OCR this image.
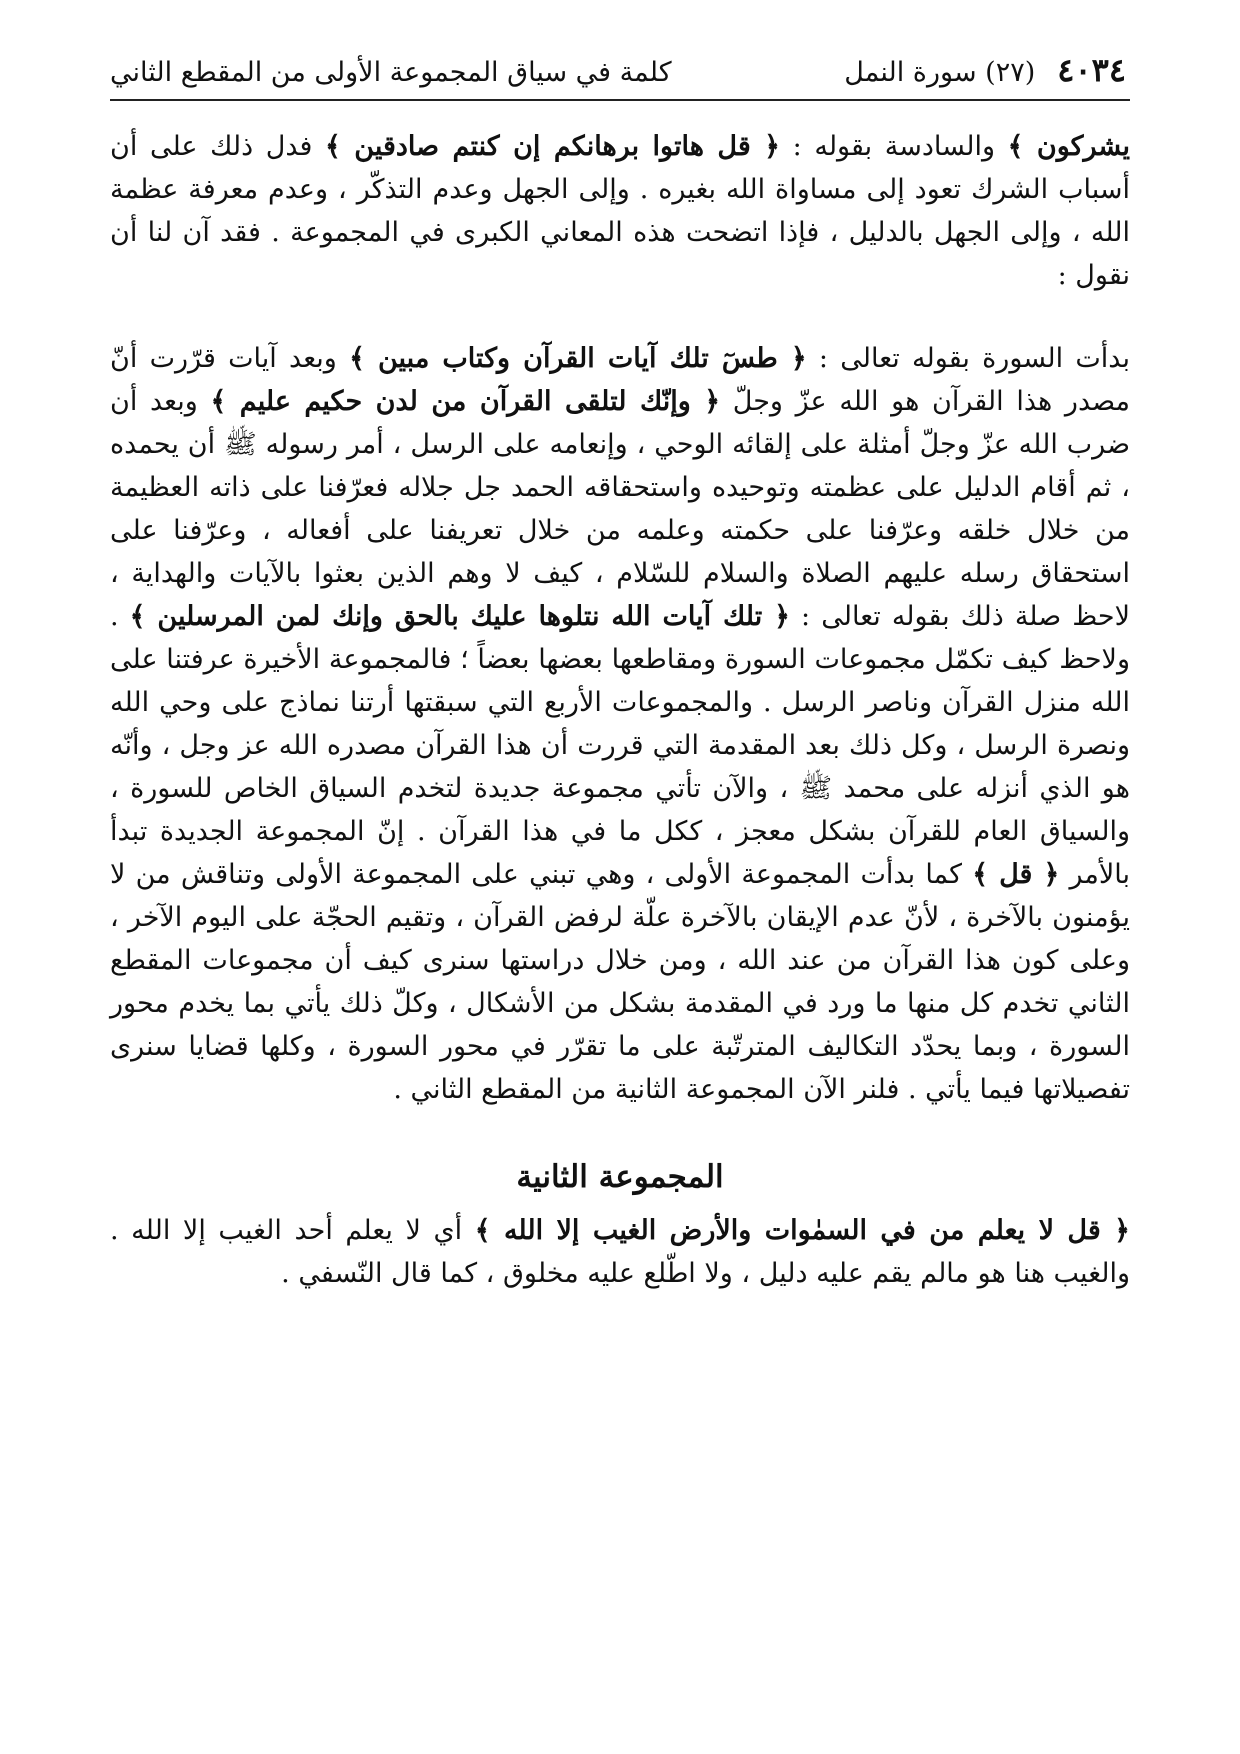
٤٠٣٤
(٢٧) سورة النمل
كلمة في سياق المجموعة الأولى من المقطع الثاني

يشركون ﴾ والسادسة بقوله : ﴿ قل هاتوا برهانكم إن كنتم صادقين ﴾ فدل ذلك على أن أسباب الشرك تعود إلى مساواة الله بغيره . وإلى الجهل وعدم التذكّر ، وعدم معرفة عظمة الله ، وإلى الجهل بالدليل ، فإذا اتضحت هذه المعاني الكبرى في المجموعة . فقد آن لنا أن نقول :

بدأت السورة بقوله تعالى : ﴿ طسٓ تلك آيات القرآن وكتاب مبين ﴾ وبعد آيات قرّرت أنّ مصدر هذا القرآن هو الله عزّ وجلّ ﴿ وإنّك لتلقى القرآن من لدن حكيم عليم ﴾ وبعد أن ضرب الله عزّ وجلّ أمثلة على إلقائه الوحي ، وإنعامه على الرسل ، أمر رسوله ﷺ أن يحمده ، ثم أقام الدليل على عظمته وتوحيده واستحقاقه الحمد جل جلاله فعرّفنا على ذاته العظيمة من خلال خلقه وعرّفنا على حكمته وعلمه من خلال تعريفنا على أفعاله ، وعرّفنا على استحقاق رسله عليهم الصلاة والسلام للسّلام ، كيف لا وهم الذين بعثوا بالآيات والهداية ، لاحظ صلة ذلك بقوله تعالى : ﴿ تلك آيات الله نتلوها عليك بالحق وإنك لمن المرسلين ﴾ . ولاحظ كيف تكمّل مجموعات السورة ومقاطعها بعضها بعضاً ؛ فالمجموعة الأخيرة عرفتنا على الله منزل القرآن وناصر الرسل . والمجموعات الأربع التي سبقتها أرتنا نماذج على وحي الله ونصرة الرسل ، وكل ذلك بعد المقدمة التي قررت أن هذا القرآن مصدره الله عز وجل ، وأنّه هو الذي أنزله على محمد ﷺ ، والآن تأتي مجموعة جديدة لتخدم السياق الخاص للسورة ، والسياق العام للقرآن بشكل معجز ، ككل ما في هذا القرآن . إنّ المجموعة الجديدة تبدأ بالأمر ﴿ قل ﴾ كما بدأت المجموعة الأولى ، وهي تبني على المجموعة الأولى وتناقش من لا يؤمنون بالآخرة ، لأنّ عدم الإيقان بالآخرة علّة لرفض القرآن ، وتقيم الحجّة على اليوم الآخر ، وعلى كون هذا القرآن من عند الله ، ومن خلال دراستها سنرى كيف أن مجموعات المقطع الثاني تخدم كل منها ما ورد في المقدمة بشكل من الأشكال ، وكلّ ذلك يأتي بما يخدم محور السورة ، وبما يحدّد التكاليف المترتّبة على ما تقرّر في محور السورة ، وكلها قضايا سنرى تفصيلاتها فيما يأتي . فلنر الآن المجموعة الثانية من المقطع الثاني .

المجموعة الثانية

﴿ قل لا يعلم من في السمٰوات والأرض الغيب إلا الله ﴾ أي لا يعلم أحد الغيب إلا الله . والغيب هنا هو مالم يقم عليه دليل ، ولا اطّلع عليه مخلوق ، كما قال النّسفي .
